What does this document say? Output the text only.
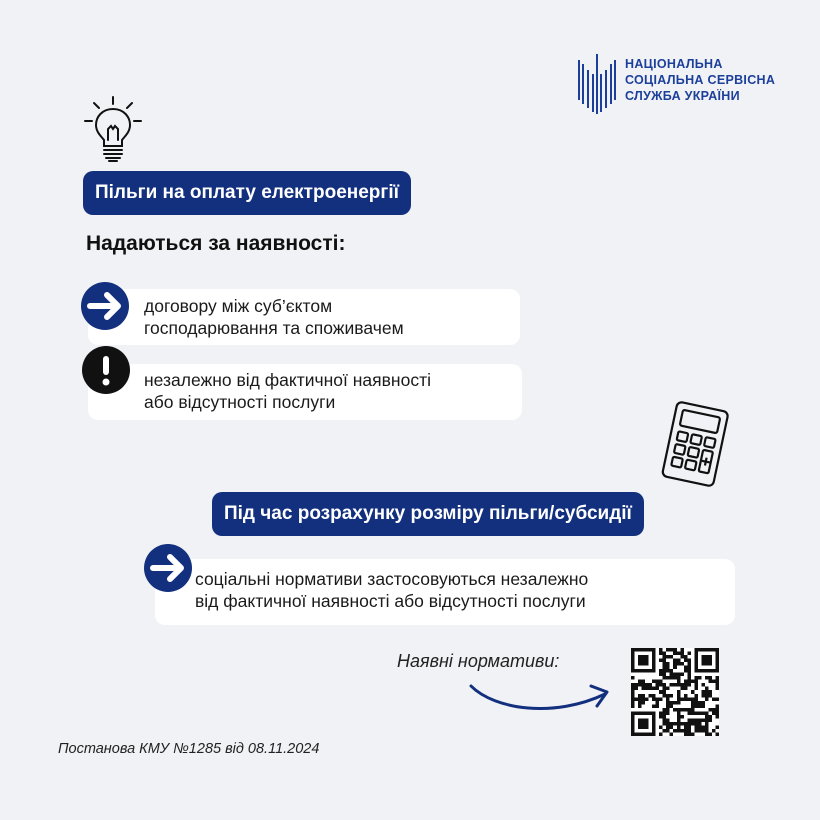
НАЦІОНАЛЬНА
СОЦІАЛЬНА СЕРВІСНА
СЛУЖБА УКРАЇНИ
Пільги на оплату електроенергії
Надаються за наявності:
договору між суб’єктом
господарювання та споживачем
незалежно від фактичної наявності
або відсутності послуги
Під час розрахунку розміру пільги/субсидії
соціальні нормативи застосовуються незалежно
від фактичної наявності або відсутності послуги
Наявні нормативи:
Постанова КМУ №1285 від 08.11.2024
